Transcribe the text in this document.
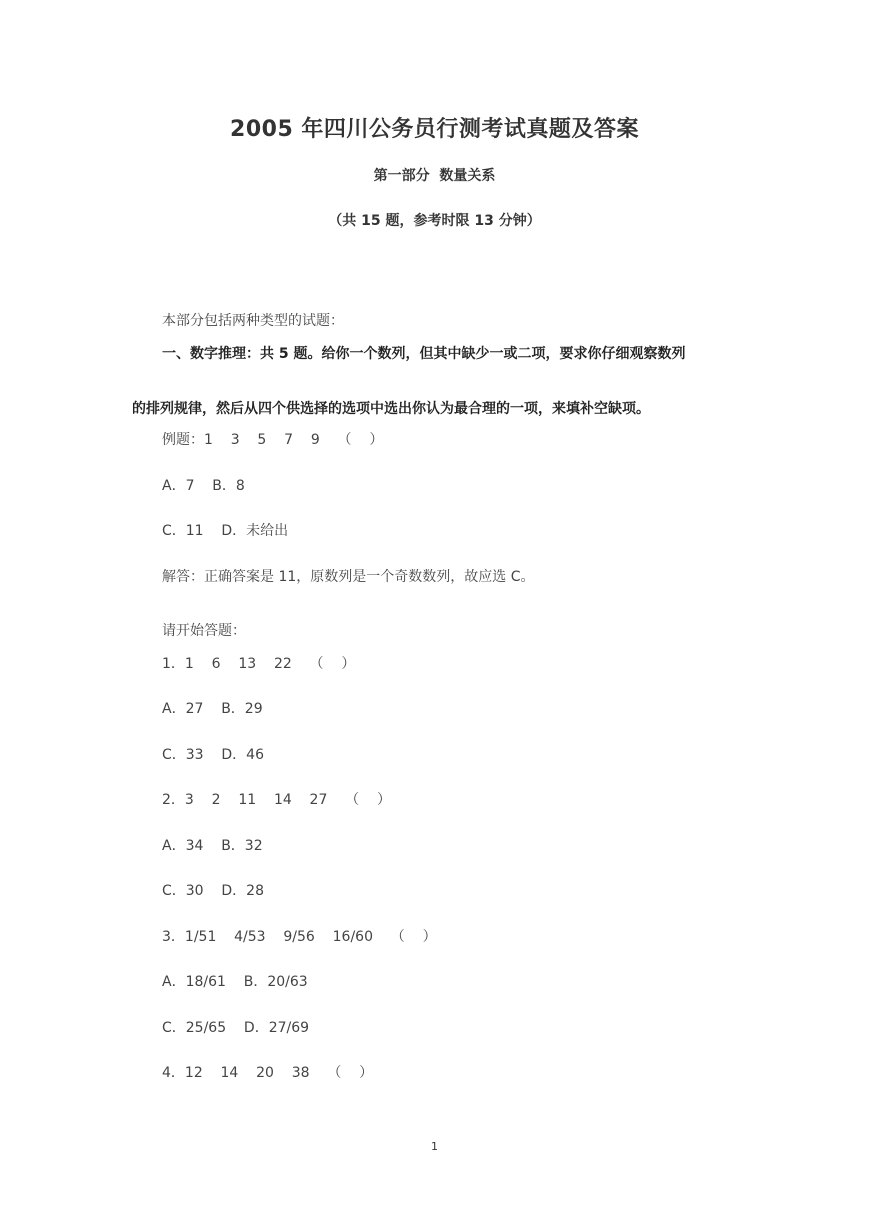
2005 年四川公务员行测考试真题及答案
第一部分  数量关系
（共 15 题，参考时限 13 分钟）
本部分包括两种类型的试题：
一、数字推理：共 5 题。给你一个数列，但其中缺少一或二项，要求你仔细观察数列
的排列规律，然后从四个供选择的选项中选出你认为最合理的一项，来填补空缺项。
例题：1    3    5    7    9    （    ）
A．7    B．8
C．11    D．未给出
解答：正确答案是 11，原数列是一个奇数数列，故应选 C。
请开始答题：
1．1    6    13    22    （    ）
A．27    B．29
C．33    D．46
2．3    2    11    14    27    （    ）
A．34    B．32
C．30    D．28
3．1/51    4/53    9/56    16/60    （    ）
A．18/61    B．20/63
C．25/65    D．27/69
4．12    14    20    38    （    ）
1
